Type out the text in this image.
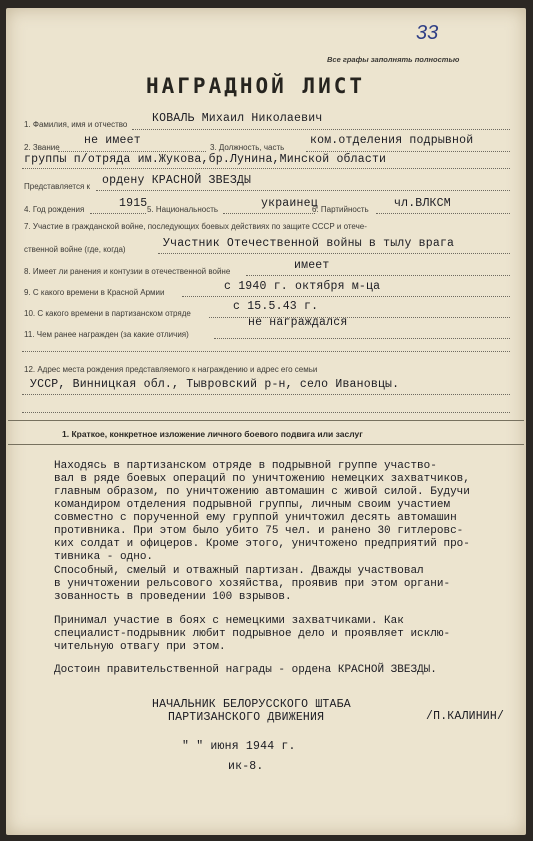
33
Все графы заполнять полностью
НАГРАДНОЙ ЛИСТ
1. Фамилия, имя и отчество КОВАЛЬ Михаил Николаевич
2. Звание
не имеет
3. Должность, часть
ком.отделения подрывной
группы п/отряда им.Жукова,бр.Лунина,Минской области
Представляется к ордену КРАСНОЙ ЗВЕЗДЫ
4. Год рождения	1915 5. Национальность	украинец
6. Партийность чл.ВЛКСМ
7. Участие в гражданской войне, последующих боевых действиях по защите СССР и отече-
ственной войне (где, когда)	Участник Отечественной войны в тылу врага
8. Имеет ли ранения и контузии в отечественной войне	имеет
9. С какого времени в Красной Армии	с 1940 г. октября м-ца
10. С какого времени в партизанском отряде
с 15.5.43 г.
11. Чем ранее награжден (за какие отличия)
не награждался
12. Адрес места рождения представляемого к награждению и адрес его семьи
УССР, Винницкая обл., Тывровский р-н, село Ивановцы.
1. Краткое, конкретное изложение личного боевого подвига или заслуг
Находясь в партизанском отряде в подрывной группе участво-
вал в ряде боевых операций по уничтожению немецких захватчиков,
главным образом, по уничтожению автомашин с живой силой. Будучи
командиром отделения подрывной группы, личным своим участием
совместно с порученной ему группой уничтожил десять автомашин
противника. При этом было убито 75 чел. и ранено 30 гитлеровс-
ких солдат и офицеров. Кроме этого, уничтожено предприятий про-
тивника - одно.
Способный, смелый и отважный партизан. Дважды участвовал
в уничтожении рельсового хозяйства, проявив при этом органи-
зованность в проведении 100 взрывов.
Принимал участие в боях с немецкими захватчиками. Как
специалист-подрывник любит подрывное дело и проявляет исклю-
чительную отвагу при этом.
Достоин правительственной награды - ордена КРАСНОЙ ЗВЕЗДЫ.
НАЧАЛЬНИК БЕЛОРУССКОГО ШТАБА
ПАРТИЗАНСКОГО ДВИЖЕНИЯ	/П.КАЛИНИН/
" " июня 1944 г.
ик-8.
